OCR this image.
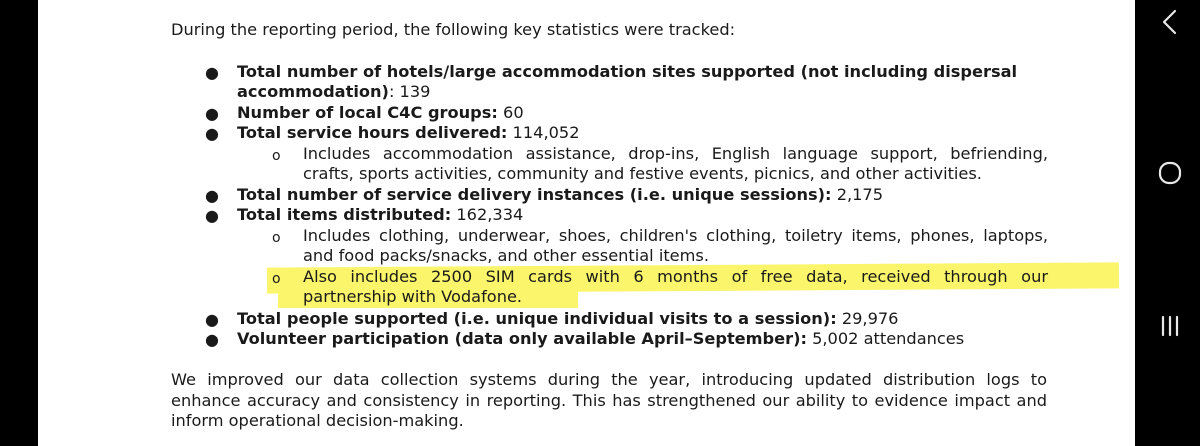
During the reporting period, the following key statistics were tracked:
● Total number of hotels/large accommodation sites supported (not including dispersal
accommodation): 139
● Number of local C4C groups: 60
● Total service hours delivered: 114,052
o Includes accommodation assistance, drop-ins, English language support, befriending,
crafts, sports activities, community and festive events, picnics, and other activities.
● Total number of service delivery instances (i.e. unique sessions): 2,175
● Total items distributed: 162,334
o Includes clothing, underwear, shoes, children's clothing, toiletry items, phones, laptops,
and food packs/snacks, and other essential items.
o Also includes 2500 SIM cards with 6 months of free data, received through our
partnership with Vodafone.
● Total people supported (i.e. unique individual visits to a session): 29,976
● Volunteer participation (data only available April–September): 5,002 attendances
We improved our data collection systems during the year, introducing updated distribution logs to
enhance accuracy and consistency in reporting. This has strengthened our ability to evidence impact and
inform operational decision-making.
